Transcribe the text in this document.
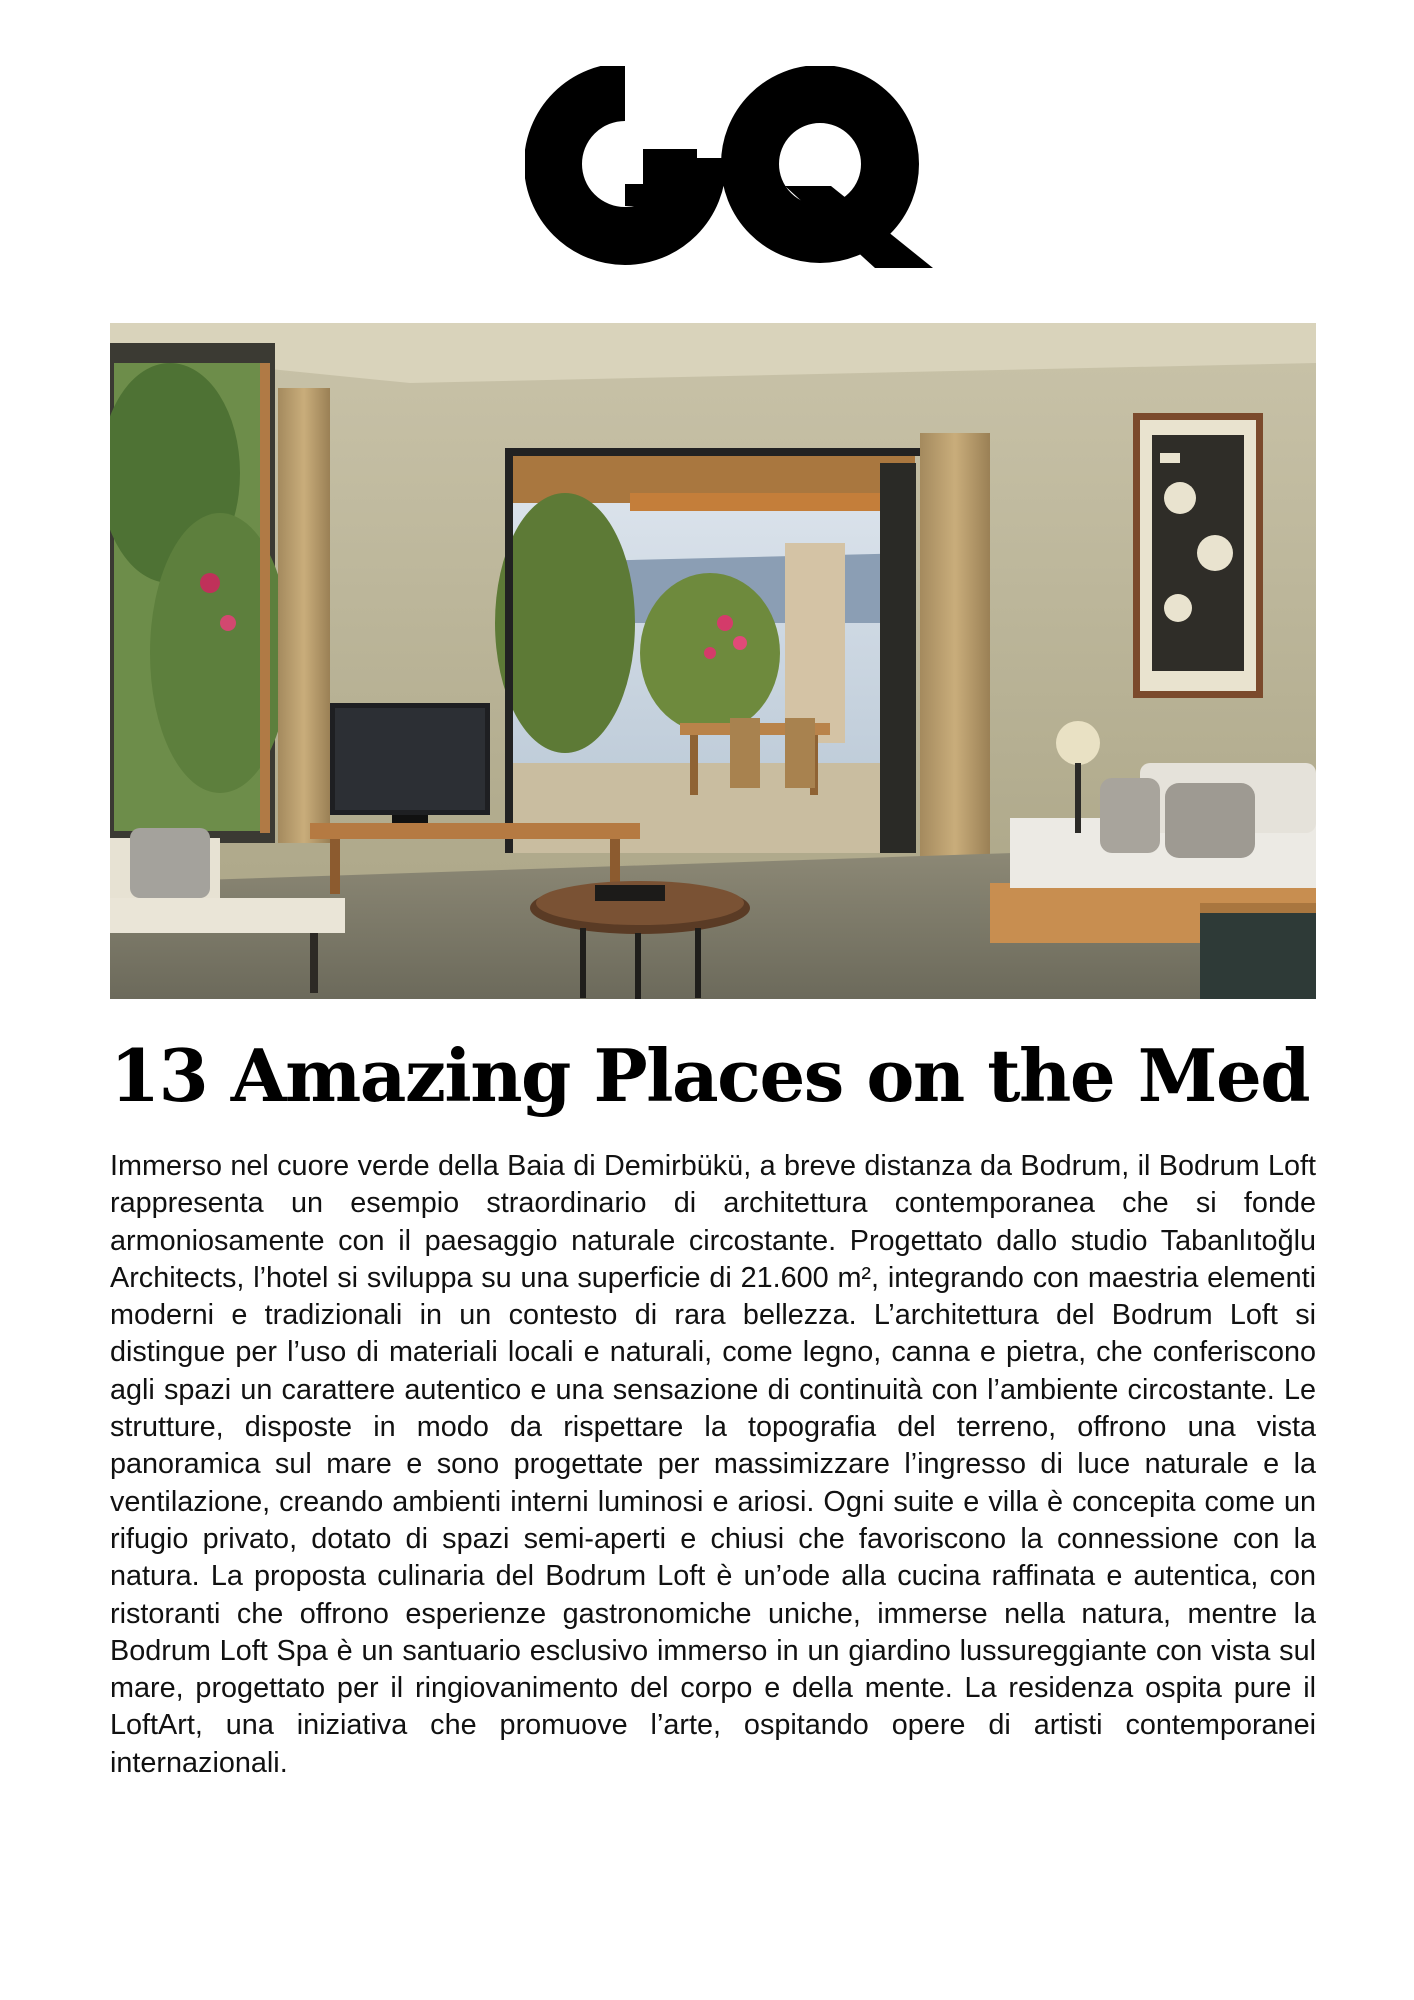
13 Amazing Places on the Med

Immerso nel cuore verde della Baia di Demirbükü, a breve distanza da Bodrum, il Bodrum Loft rappresenta un esempio straordinario di architettura contemporanea che si fonde armoniosamente con il paesaggio naturale circostante. Progettato dallo studio Tabanlıtoğlu Architects, l’hotel si sviluppa su una superficie di 21.600 m², integrando con maestria elementi moderni e tradizionali in un contesto di rara bellezza. L’architettura del Bodrum Loft si distingue per l’uso di materiali locali e naturali, come legno, canna e pietra, che conferiscono agli spazi un carattere autentico e una sensazione di continuità con l’ambiente circostante. Le strutture, disposte in modo da rispettare la topografia del terreno, offrono una vista panoramica sul mare e sono progettate per massimizzare l’ingresso di luce naturale e la ventilazione, creando ambienti interni luminosi e ariosi. Ogni suite e villa è concepita come un rifugio privato, dotato di spazi semi-aperti e chiusi che favoriscono la connessione con la natura. La proposta culinaria del Bodrum Loft è un’ode alla cucina raffinata e autentica, con ristoranti che offrono esperienze gastronomiche uniche, immerse nella natura, mentre la Bodrum Loft Spa è un santuario esclusivo immerso in un giardino lussureggiante con vista sul mare, progettato per il ringiovanimento del corpo e della mente. La residenza ospita pure il LoftArt, una iniziativa che promuove l’arte, ospitando opere di artisti contemporanei internazionali.
